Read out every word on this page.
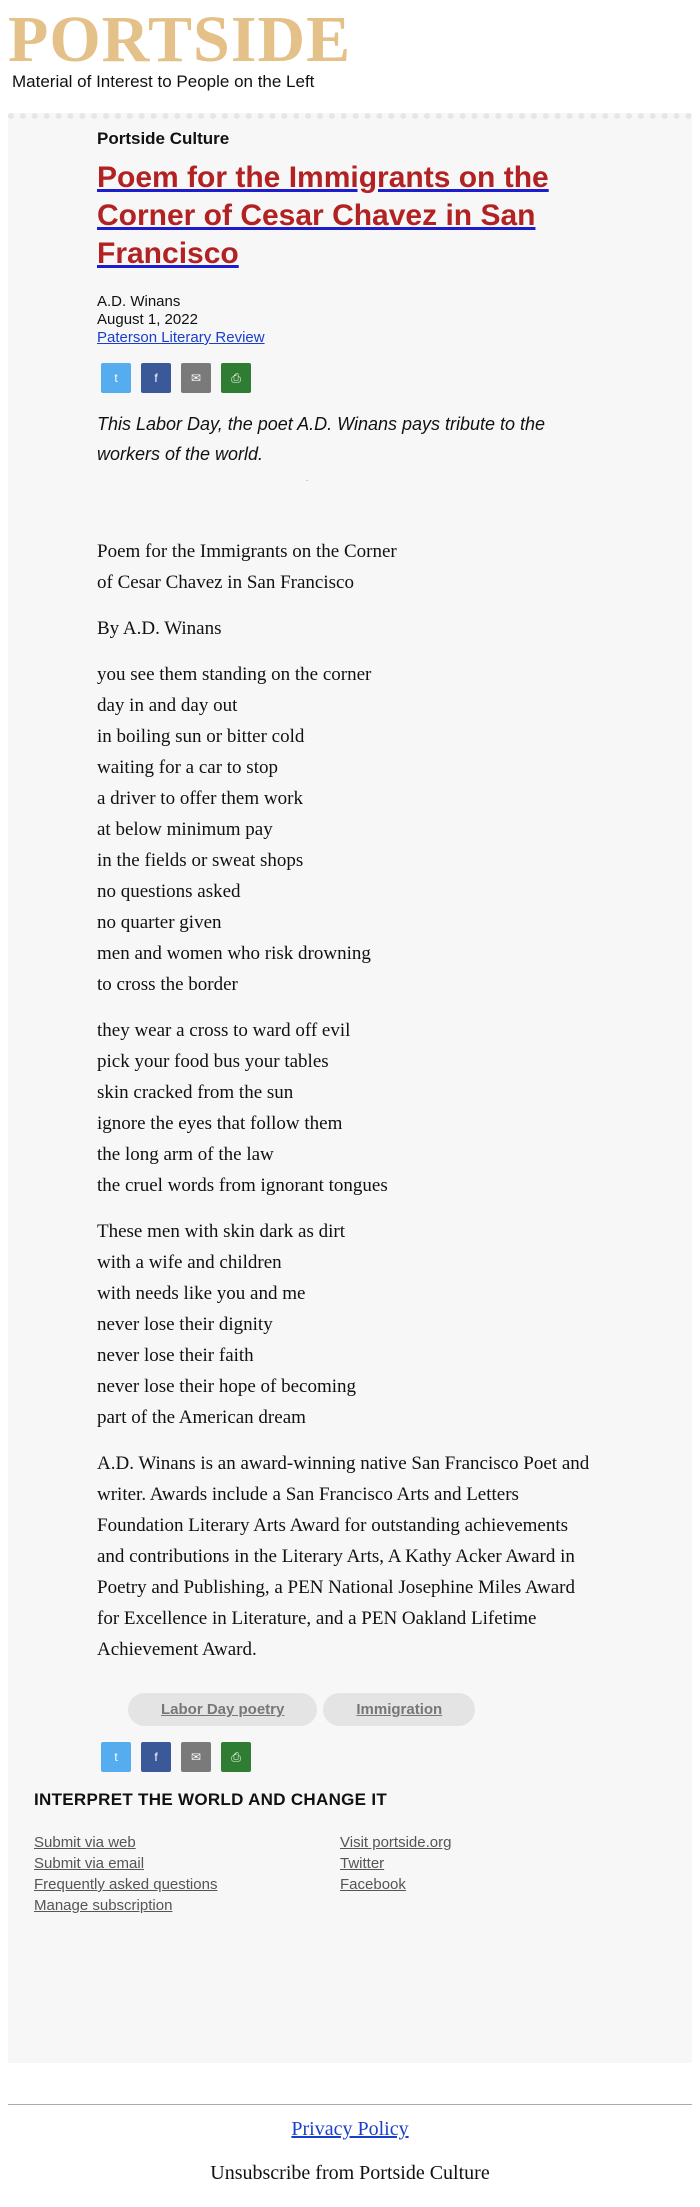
PORTSIDE
Material of Interest to People on the Left
Portside Culture
Poem for the Immigrants on the Corner of Cesar Chavez in San Francisco
A.D. Winans
August 1, 2022
Paterson Literary Review
t	f	✉	⎙
This Labor Day, the poet A.D. Winans pays tribute to the workers of the world.
·

Poem for the Immigrants on the Corner
of Cesar Chavez in San Francisco

By A.D. Winans

you see them standing on the corner
day in and day out
in boiling sun or bitter cold
waiting for a car to stop
a driver to offer them work
at below minimum pay
in the fields or sweat shops
no questions asked
no quarter given
men and women who risk drowning
to cross the border

they wear a cross to ward off evil
pick your food bus your tables
skin cracked from the sun
ignore the eyes that follow them
the long arm of the law
the cruel words from ignorant tongues

These men with skin dark as dirt
with a wife and children
with needs like you and me
never lose their dignity
never lose their faith
never lose their hope of becoming
part of the American dream

A.D. Winans is an award-winning native San Francisco Poet and writer. Awards include a San Francisco Arts and Letters Foundation Literary Arts Award for outstanding achievements and contributions in the Literary Arts, A Kathy Acker Award in Poetry and Publishing, a PEN National Josephine Miles Award for Excellence in Literature, and a PEN Oakland Lifetime Achievement Award.

Labor Day poetry	Immigration
t	f	✉	⎙
INTERPRET THE WORLD AND CHANGE IT
Submit via web
Submit via email
Frequently asked questions
Manage subscription
Visit portside.org
Twitter
Facebook
Privacy Policy
Unsubscribe from Portside Culture
